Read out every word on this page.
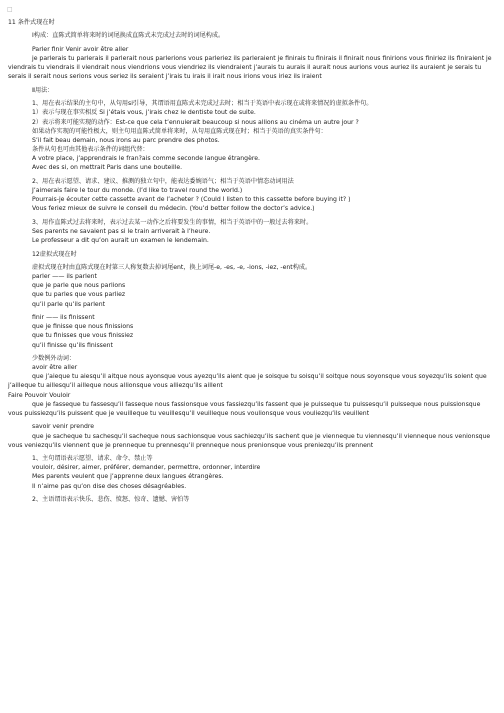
□

11 条件式现在时

Ⅰ构成：直陈式简单将来时的词尾换成直陈式未完成过去时的词尾构成。

Parler finir Venir avoir être aller

je parlerais tu parlerais il parlerait nous parlerions vous parleriez ils parleraient je finirais tu finirais il finirait nous finirions vous finiriez ils finiraient je viendrais tu viendrais il viendrait nous viendrions vous viendriez ils viendraient j’aurais tu aurais il aurait nous aurions vous auriez ils auraient je serais tu serais il serait nous serions vous seriez ils seraient j’irais tu irais il irait nous irions vous iriez ils iraient

Ⅱ用法：

1、用在表示结果的主句中，从句用si引导，其谓语用直陈式未完成过去时；相当于英语中表示现在或将来情况的虚拟条件句。

1）表示与现在事实相反 Si j’étais vous, j’irais chez le dentiste tout de suite.

2）表示将来可能实现的动作：Est-ce que cela t’ennuierait beaucoup si nous allions au cinéma un autre jour ?

如果动作实现的可能性极大，则主句用直陈式简单将来时，从句用直陈式现在时；相当于英语的真实条件句：

S’il fait beau demain, nous irons au parc prendre des photos.

条件从句也可由其他表示条件的词组代替：

A votre place, j’apprendrais le fran?ais comme seconde langue étrangère.

Avec des si, on mettrait Paris dans une bouteille.

2、用在表示愿望、请求、建议、推测的独立句中，能表达委婉语气；相当于英语中情态动词用法

J’aimerais faire le tour du monde. (I’d like to travel round the world.)

Pourrais-je écouter cette cassette avant de l’acheter ? (Could I listen to this cassette before buying it? )

Vous feriez mieux de suivre le conseil du médecin. (You’d better follow the doctor’s advice.)

3、用作直陈式过去将来时，表示过去某一动作之后将要发生的事情，相当于英语中的一般过去将来时。

Ses parents ne savaient pas si le train arriverait à l’heure.

Le professeur a dit qu’on aurait un examen le lendemain.

12虚拟式现在时

虚拟式现在时由直陈式现在时第三人称复数去掉词尾ent，换上词尾-e, -es, -e, -ions, -iez, -ent构成。

parler —— ils parlent

que je parle que nous parlions

que tu parles que vous parliez

qu’il parle qu’ils parlent

finir —— ils finissent

que je finisse que nous finissions

que tu finisses que vous finissiez

qu’il finisse qu’ils finissent

少数例外动词：

avoir être aller

que j’aieque tu aiesqu’il aitque nous ayonsque vous ayezqu’ils aient que je soisque tu soisqu’il soitque nous soyonsque vous soyezqu’ils soient que j’ailleque tu aillesqu’il ailleque nous allionsque vous alliezqu’ils aillent

Faire Pouvoir Vouloir

que je fasseque tu fassesqu’il fasseque nous fassionsque vous fassiezqu’ils fassent que je puisseque tu puissesqu’il puisseque nous puissionsque vous puissiezqu’ils puissent que je veuilleque tu veuillesqu’il veuilleque nous voulionsque vous vouliezqu’ils veuillent

savoir venir prendre

que je sacheque tu sachesqu’il sacheque nous sachionsque vous sachiezqu’ils sachent que je vienneque tu viennesqu’il vienneque nous venionsque vous veniezqu’ils viennent que je prenneque tu prennesqu’il prenneque nous prenionsque vous preniezqu’ils prennent

1、主句谓语表示愿望、请求、命令、禁止等

vouloir, désirer, aimer, préférer, demander, permettre, ordonner, interdire

Mes parents veulent que j’apprenne deux langues étrangères.

Il n’aime pas qu’on dise des choses désagréables.

2、主语谓语表示快乐、悲伤、愤怒、惊奇、遗憾、害怕等
